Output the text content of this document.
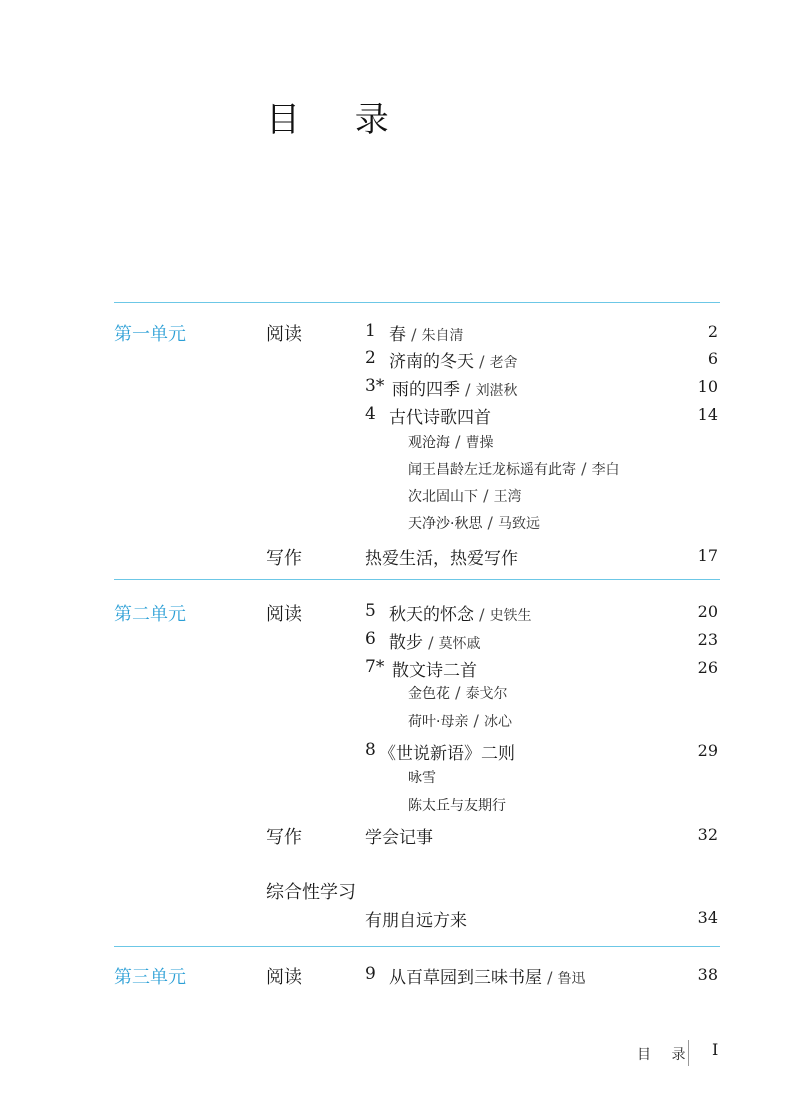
目 录
第一单元	阅读	1 春 / 朱自清	2
2 济南的冬天 / 老舍	6
3* 雨的四季 / 刘湛秋	10
4 古代诗歌四首	14
观沧海 / 曹操
闻王昌龄左迁龙标遥有此寄 / 李白
次北固山下 / 王湾
天净沙·秋思 / 马致远
写作	热爱生活，热爱写作	17
第二单元	阅读	5 秋天的怀念 / 史铁生	20
6 散步 / 莫怀戚	23
7* 散文诗二首	26
金色花 / 泰戈尔
荷叶·母亲 / 冰心
8 《世说新语》二则	29
咏雪
陈太丘与友期行
写作	学会记事	32
综合性学习
有朋自远方来	34
第三单元	阅读	9 从百草园到三味书屋 / 鲁迅	38
目 录 I
